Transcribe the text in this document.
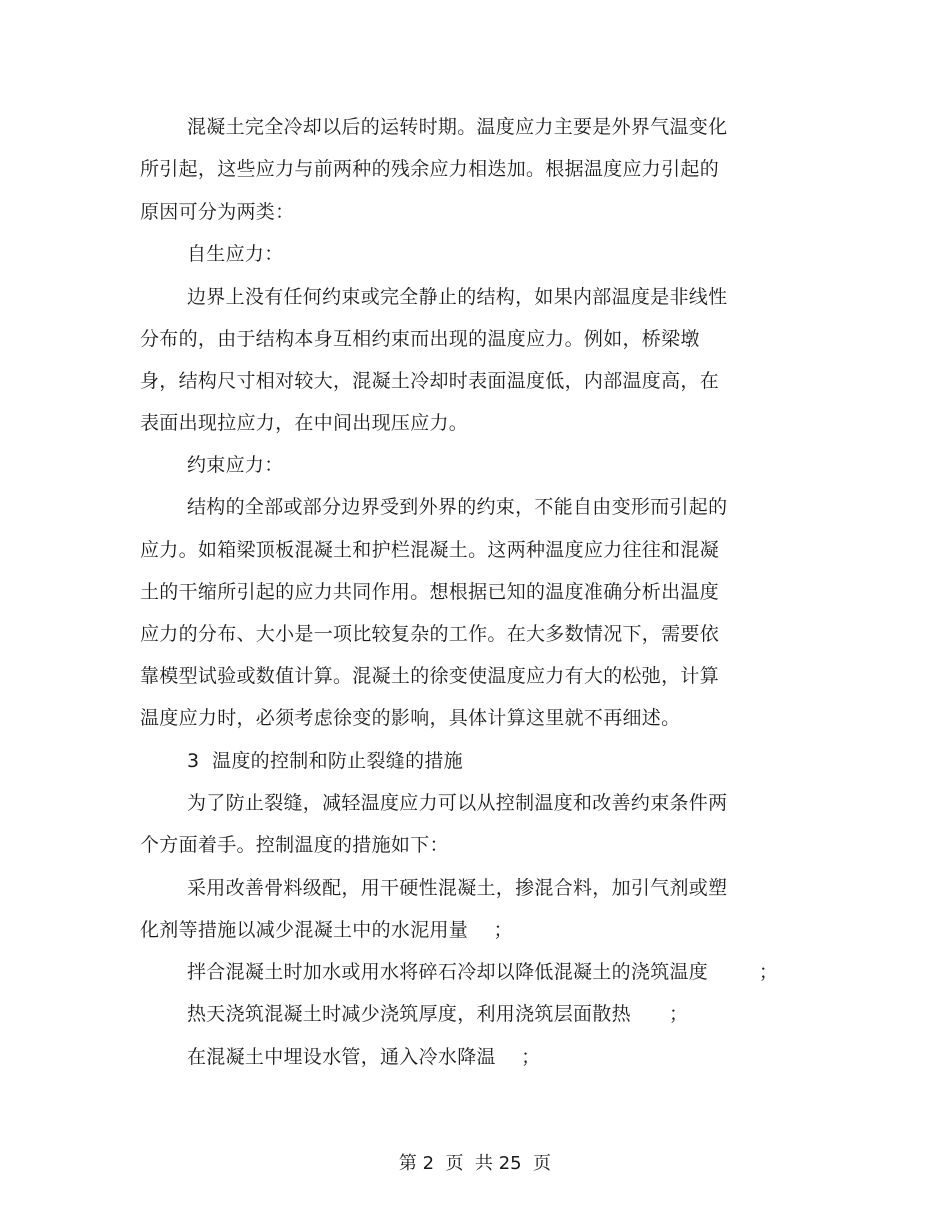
混凝土完全冷却以后的运转时期。温度应力主要是外界气温变化
所引起，这些应力与前两种的残余应力相迭加。根据温度应力引起的
原因可分为两类：
自生应力：
边界上没有任何约束或完全静止的结构，如果内部温度是非线性
分布的，由于结构本身互相约束而出现的温度应力。例如，桥梁墩
身，结构尺寸相对较大，混凝土冷却时表面温度低，内部温度高，在
表面出现拉应力，在中间出现压应力。
约束应力：
结构的全部或部分边界受到外界的约束，不能自由变形而引起的
应力。如箱梁顶板混凝土和护栏混凝土。这两种温度应力往往和混凝
土的干缩所引起的应力共同作用。想根据已知的温度准确分析出温度
应力的分布、大小是一项比较复杂的工作。在大多数情况下，需要依
靠模型试验或数值计算。混凝土的徐变使温度应力有大的松弛，计算
温度应力时，必须考虑徐变的影响，具体计算这里就不再细述。
3  温度的控制和防止裂缝的措施
为了防止裂缝，减轻温度应力可以从控制温度和改善约束条件两
个方面着手。控制温度的措施如下：
采用改善骨料级配，用干硬性混凝土，掺混合料，加引气剂或塑
化剂等措施以减少混凝土中的水泥用量    ；
拌合混凝土时加水或用水将碎石冷却以降低混凝土的浇筑温度        ；
热天浇筑混凝土时减少浇筑厚度，利用浇筑层面散热      ；
在混凝土中埋设水管，通入冷水降温    ；
第 2  页  共 25  页
